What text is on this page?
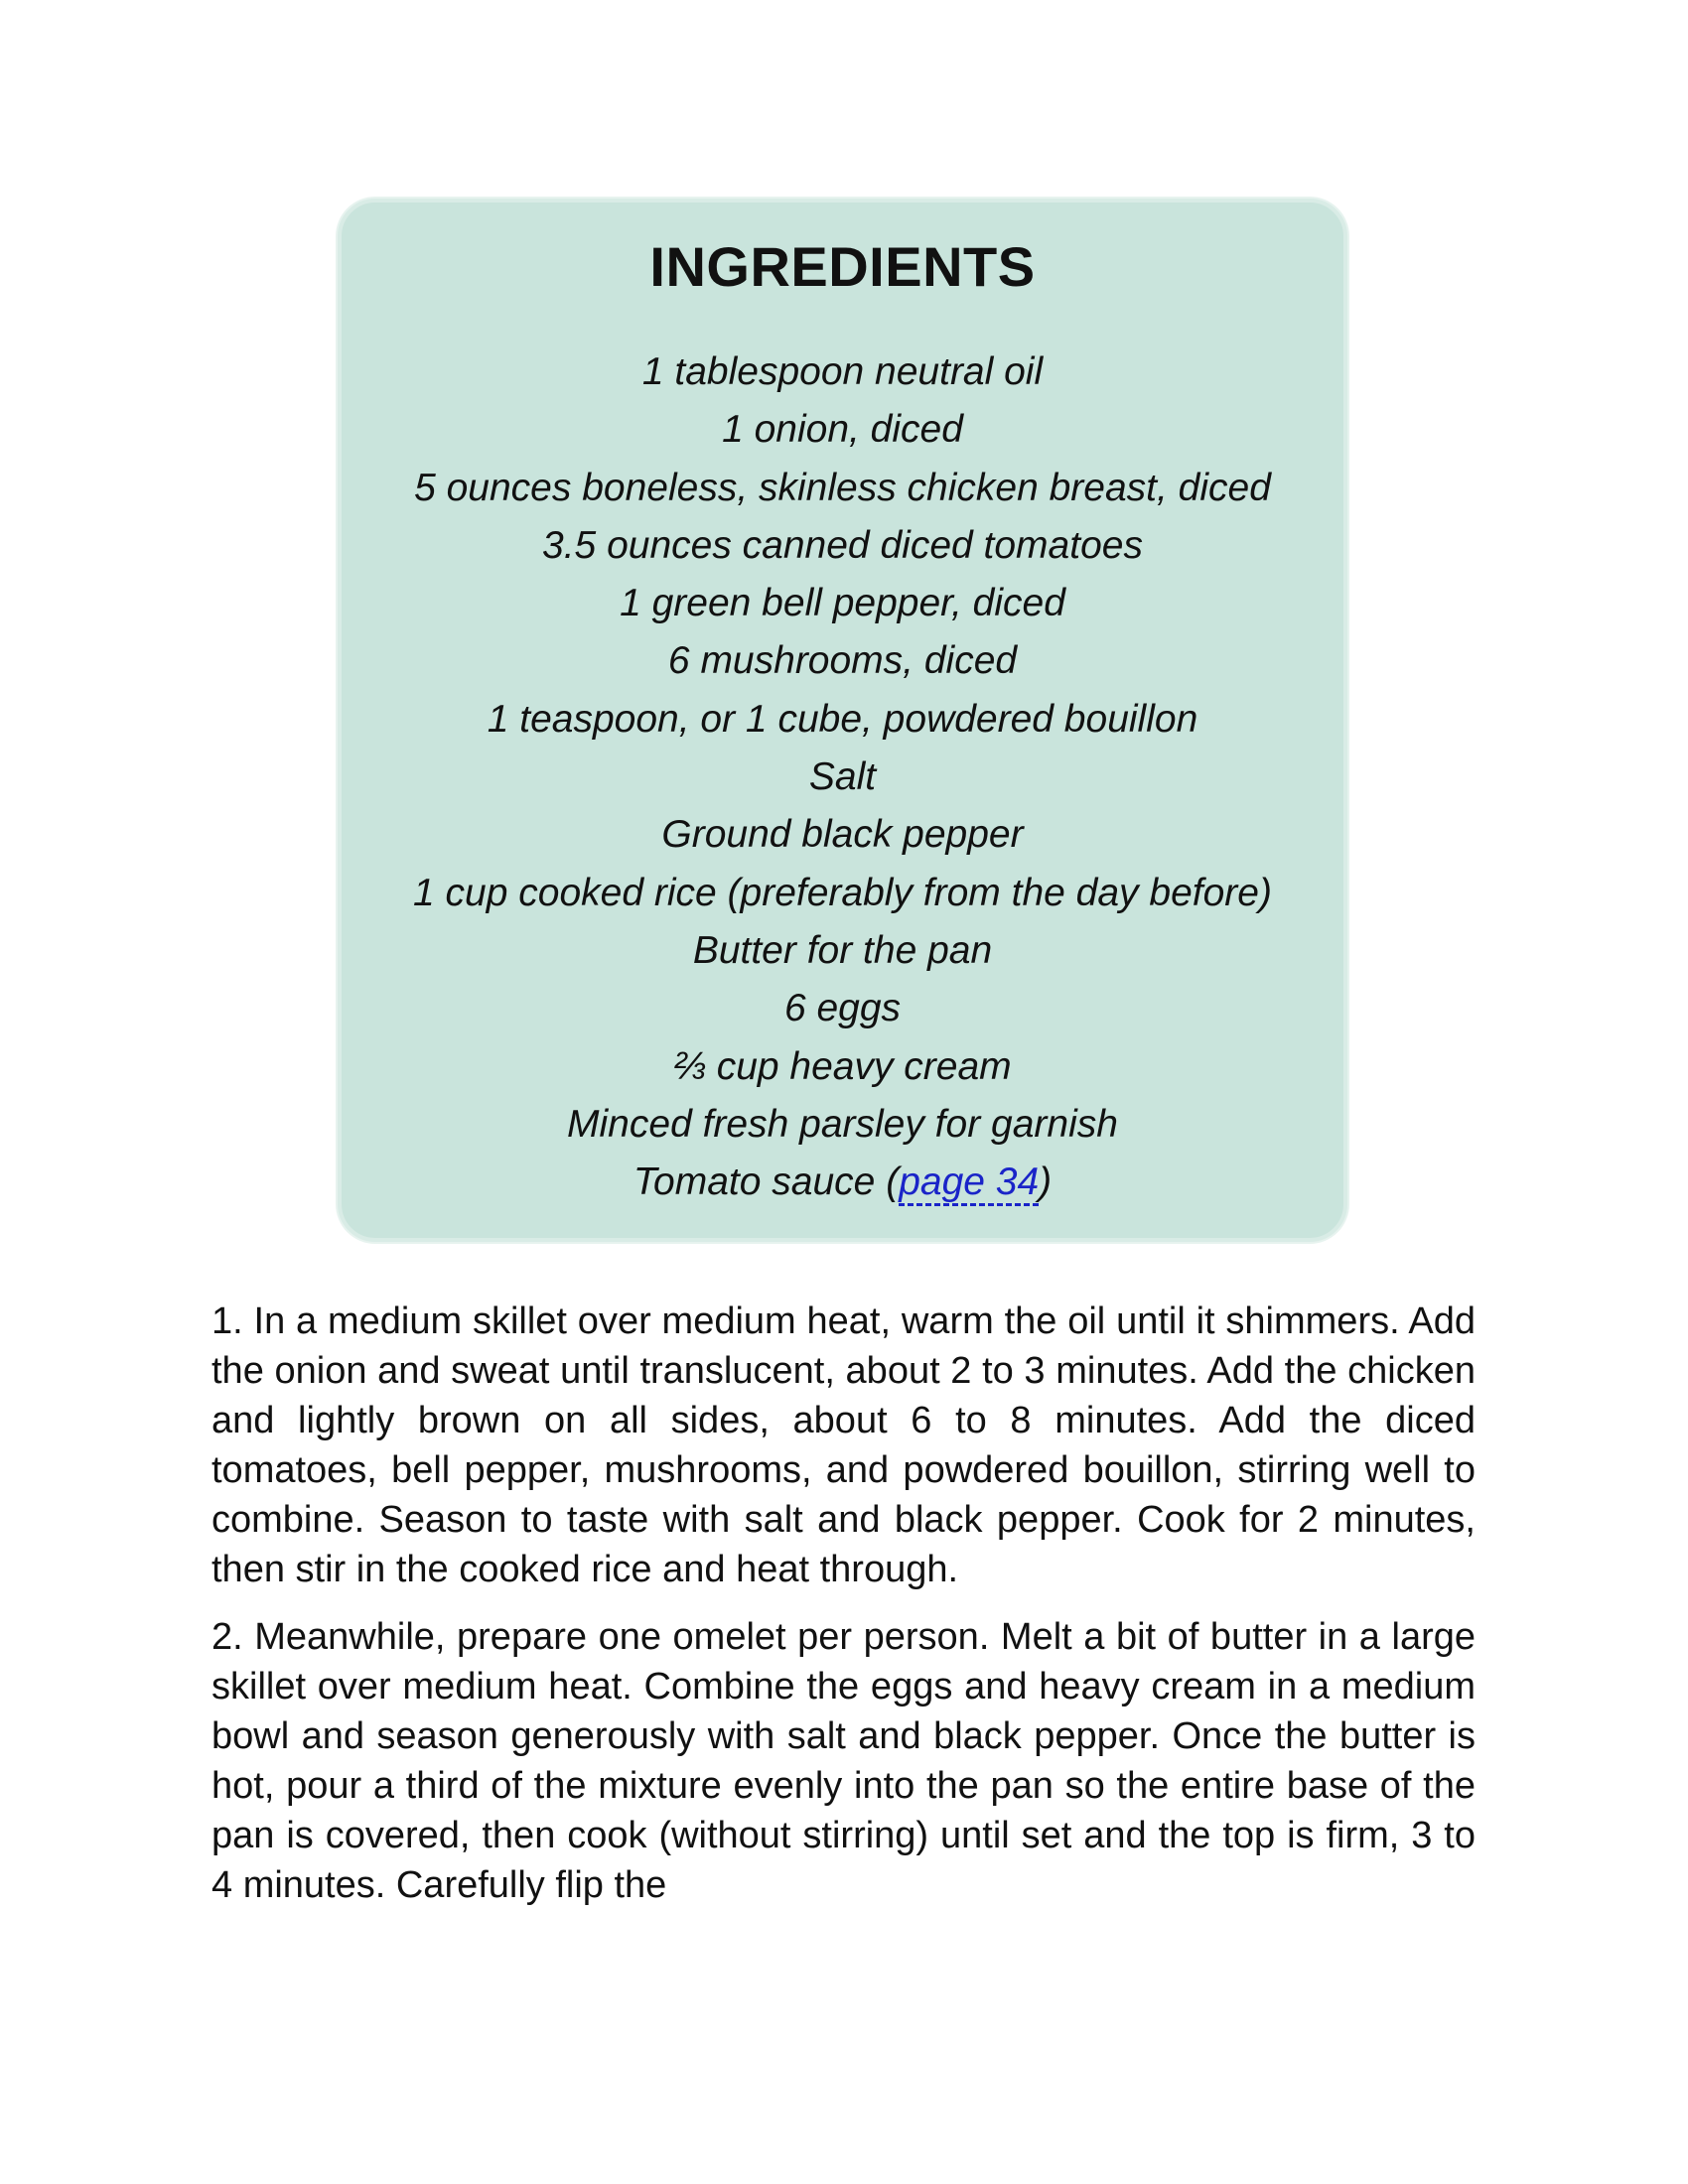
INGREDIENTS
1 tablespoon neutral oil
1 onion, diced
5 ounces boneless, skinless chicken breast, diced
3.5 ounces canned diced tomatoes
1 green bell pepper, diced
6 mushrooms, diced
1 teaspoon, or 1 cube, powdered bouillon
Salt
Ground black pepper
1 cup cooked rice (preferably from the day before)
Butter for the pan
6 eggs
⅔ cup heavy cream
Minced fresh parsley for garnish
Tomato sauce (page 34)

1. In a medium skillet over medium heat, warm the oil until it shimmers. Add the onion and sweat until translucent, about 2 to 3 minutes. Add the chicken and lightly brown on all sides, about 6 to 8 minutes. Add the diced tomatoes, bell pepper, mushrooms, and powdered bouillon, stirring well to combine. Season to taste with salt and black pepper. Cook for 2 minutes, then stir in the cooked rice and heat through.

2. Meanwhile, prepare one omelet per person. Melt a bit of butter in a large skillet over medium heat. Combine the eggs and heavy cream in a medium bowl and season generously with salt and black pepper. Once the butter is hot, pour a third of the mixture evenly into the pan so the entire base of the pan is covered, then cook (without stirring) until set and the top is firm, 3 to 4 minutes. Carefully flip the
